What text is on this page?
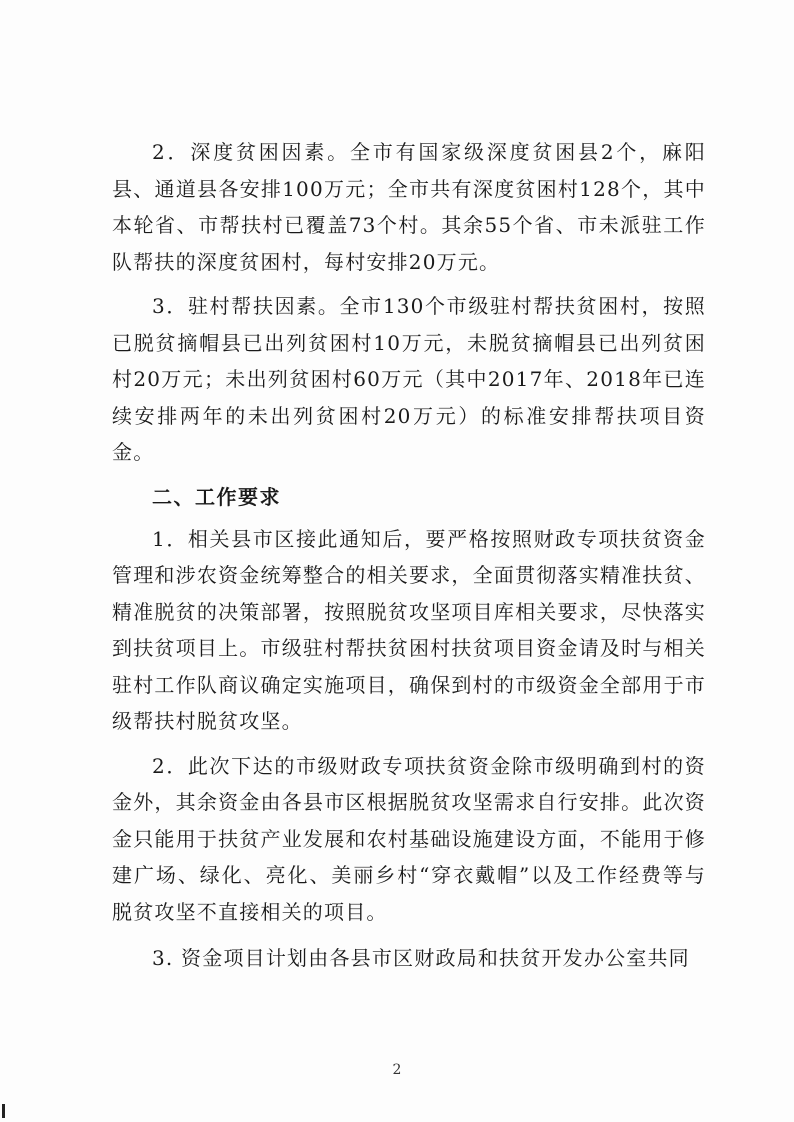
2．深度贫困因素。全市有国家级深度贫困县2个，麻阳县、通道县各安排100万元；全市共有深度贫困村128个，其中本轮省、市帮扶村已覆盖73个村。其余55个省、市未派驻工作队帮扶的深度贫困村，每村安排20万元。

3．驻村帮扶因素。全市130个市级驻村帮扶贫困村，按照已脱贫摘帽县已出列贫困村10万元，未脱贫摘帽县已出列贫困村20万元；未出列贫困村60万元（其中2017年、2018年已连续安排两年的未出列贫困村20万元）的标准安排帮扶项目资金。

二、工作要求

1．相关县市区接此通知后，要严格按照财政专项扶贫资金管理和涉农资金统筹整合的相关要求，全面贯彻落实精准扶贫、精准脱贫的决策部署，按照脱贫攻坚项目库相关要求，尽快落实到扶贫项目上。市级驻村帮扶贫困村扶贫项目资金请及时与相关驻村工作队商议确定实施项目，确保到村的市级资金全部用于市级帮扶村脱贫攻坚。

2．此次下达的市级财政专项扶贫资金除市级明确到村的资金外，其余资金由各县市区根据脱贫攻坚需求自行安排。此次资金只能用于扶贫产业发展和农村基础设施建设方面，不能用于修建广场、绿化、亮化、美丽乡村“穿衣戴帽”以及工作经费等与脱贫攻坚不直接相关的项目。

3. 资金项目计划由各县市区财政局和扶贫开发办公室共同

2
